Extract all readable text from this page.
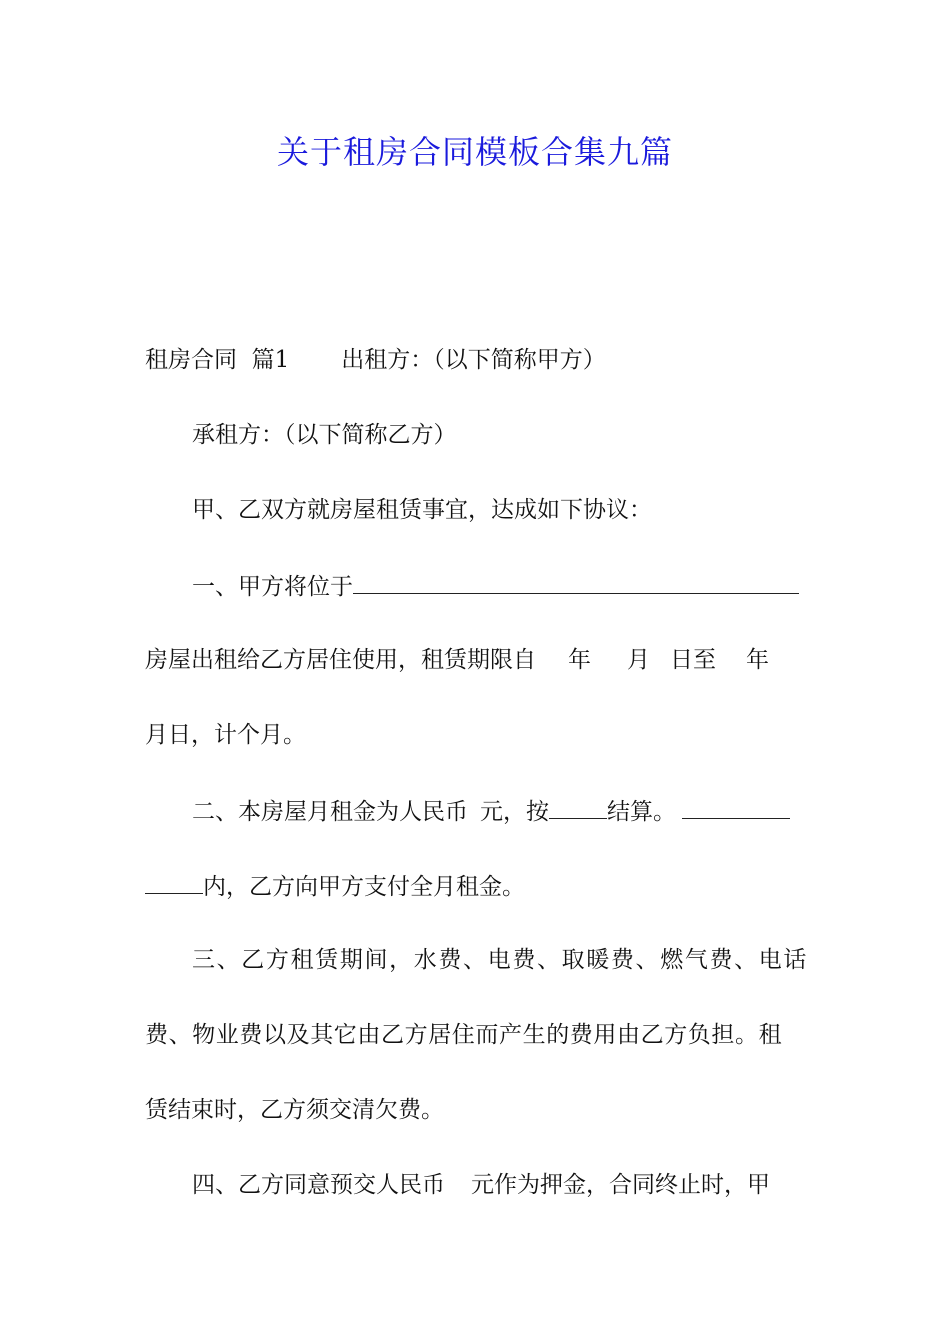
关于租房合同模板合集九篇
租房合同  篇1 出租方：（以下简称甲方）
承租方：（以下简称乙方）
甲、乙双方就房屋租赁事宜，达成如下协议：
一、甲方将位于
房屋出租给乙方居住使用，租赁期限自 年 月 日至 年
月日，计个月。
二、本房屋月租金为人民币 元，按	结算。
内，乙方向甲方支付全月租金。
三、乙方租赁期间，水费、电费、取暖费、燃气费、电话
费、物业费以及其它由乙方居住而产生的费用由乙方负担。租
赁结束时，乙方须交清欠费。
四、乙方同意预交人民币 元作为押金，合同终止时，甲
